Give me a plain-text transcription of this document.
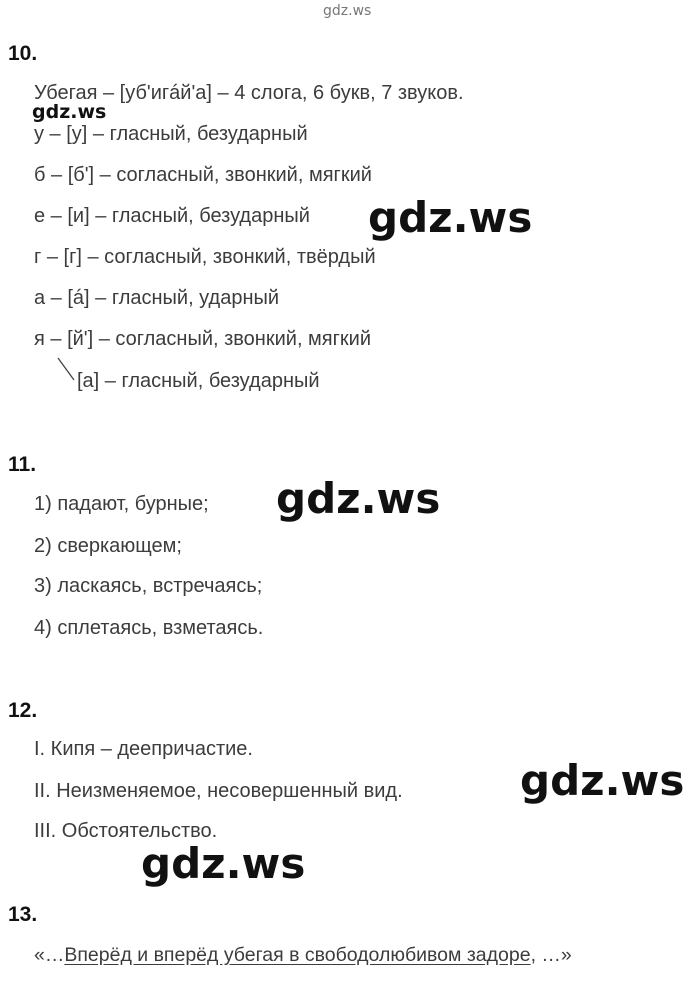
gdz.ws
10.
Убегая – [уб'игáй'а] – 4 слога, 6 букв, 7 звуков.
gdz.ws
у – [у] – гласный, безударный
б – [б'] – согласный, звонкий, мягкий
е – [и] – гласный, безударный gdz.ws
г – [г] – согласный, звонкий, твёрдый
а – [á] – гласный, ударный
я – [й'] – согласный, звонкий, мягкий
[а] – гласный, безударный
11.
1) падают, бурные; gdz.ws
2) сверкающем;
3) ласкаясь, встречаясь;
4) сплетаясь, взметаясь.
12.
I. Кипя – деепричастие.
II. Неизменяемое, несовершенный вид.	gdz.ws
III. Обстоятельство.
gdz.ws
13.
«…Вперёд и вперёд убегая в свободолюбивом задоре, …»
